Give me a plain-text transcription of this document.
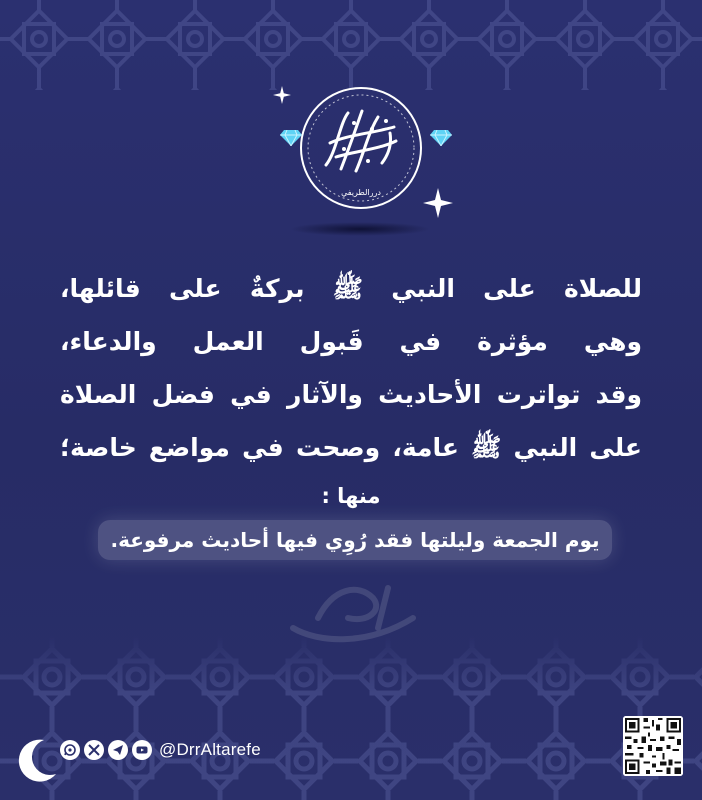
دررالطريفي
للصلاة على النبي ﷺ بركةٌ على قائلها،
وهي مؤثرة في قَبول العمل والدعاء،
وقد تواترت الأحاديث والآثار في فضل الصلاة
على النبي ﷺ عامة، وصحت في مواضع خاصة؛
منها :
يوم الجمعة وليلتها فقد رُوِي فيها أحاديث مرفوعة.
@DrrAltarefe
